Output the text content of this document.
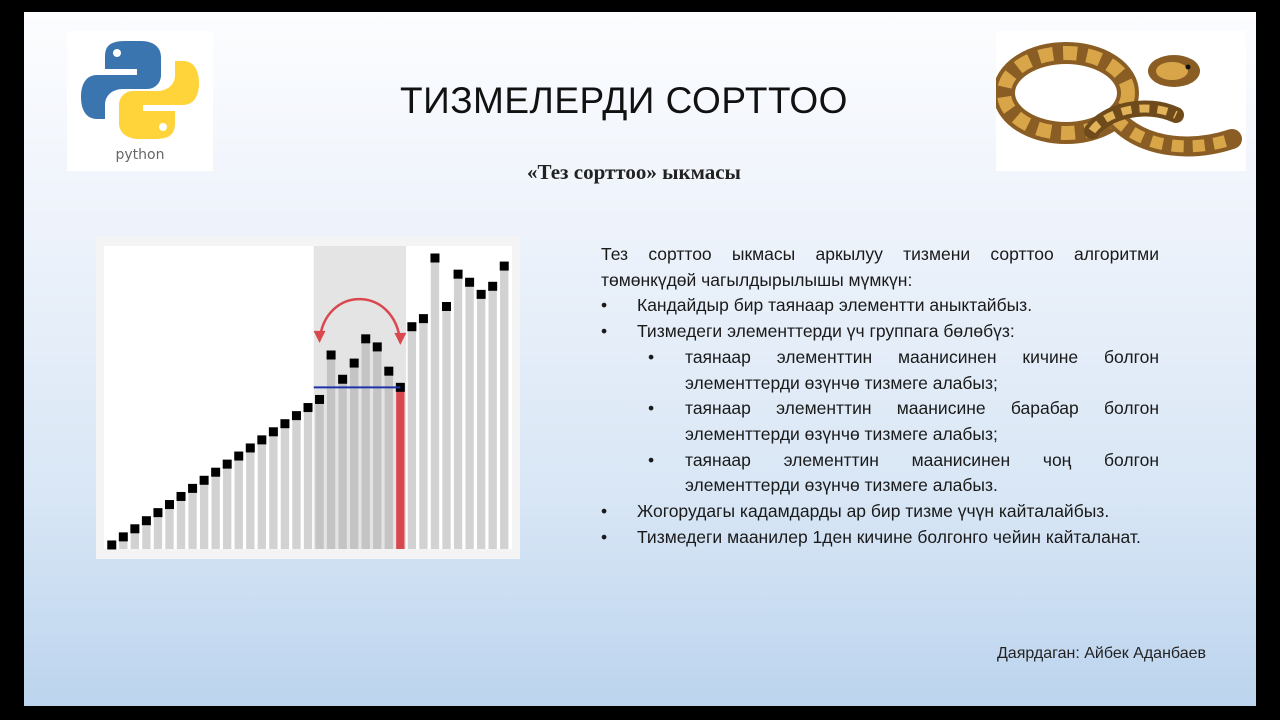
python
ТИЗМЕЛЕРДИ СОРТТОО
«Тез сорттоо» ыкмасы
Тез сорттоо ыкмасы аркылуу тизмени сорттоо алгоритми төмөнкүдөй чагылдырылышы мүмкүн:
• Кандайдыр бир таянаар элементти аныктайбыз.
• Тизмедеги элементтерди үч группага бөлөбүз:
• таянаар элементтин маанисинен кичине болгон элементтерди өзүнчө тизмеге алабыз;
• таянаар элементтин маанисине барабар болгон элементтерди өзүнчө тизмеге алабыз;
• таянаар элементтин маанисинен чоң болгон элементтерди өзүнчө тизмеге алабыз.
• Жогорудагы кадамдарды ар бир тизме үчүн кайталайбыз.
• Тизмедеги маанилер 1ден кичине болгонго чейин кайталанат.
Даярдаган: Айбек Аданбаев
